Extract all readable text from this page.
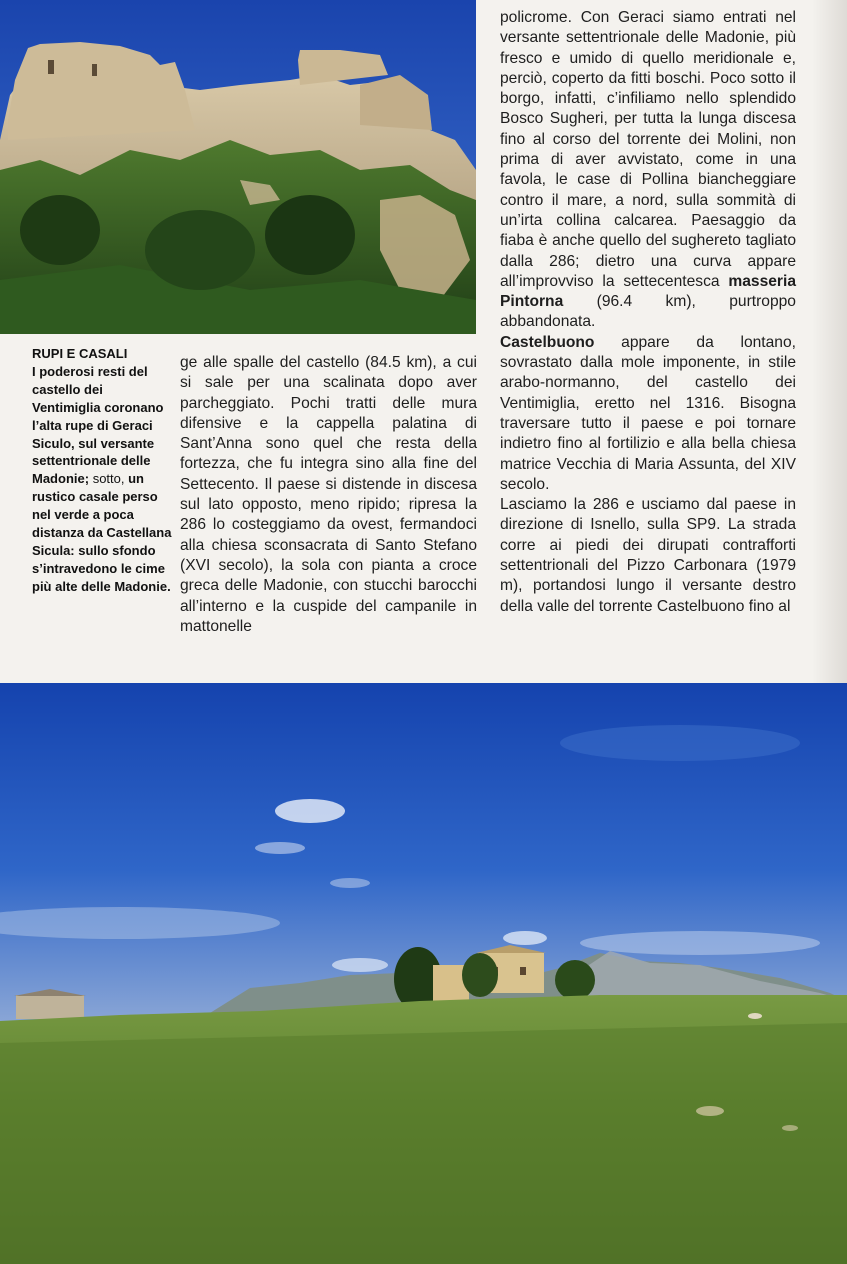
RUPI E CASALI
I poderosi resti del castello dei Ventimiglia coronano l’alta rupe di Geraci Siculo, sul versante settentrionale delle Madonie; sotto, un rustico casale perso nel verde a poca distanza da Castellana Sicula: sullo sfondo s’intravedono le cime più alte delle Madonie.

ge alle spalle del castello (84.5 km), a cui si sale per una scalinata dopo aver parcheggiato. Pochi tratti delle mura difensive e la cappella palatina di Sant’Anna sono quel che resta della fortezza, che fu integra sino alla fine del Settecento. Il paese si distende in discesa sul lato opposto, meno ripido; ripresa la 286 lo costeggiamo da ovest, fermandoci alla chiesa sconsacrata di Santo Stefano (XVI secolo), la sola con pianta a croce greca delle Madonie, con stucchi barocchi all’interno e la cuspide del campanile in mattonelle

policrome. Con Geraci siamo entrati nel versante settentrionale delle Madonie, più fresco e umido di quello meridionale e, perciò, coperto da fitti boschi. Poco sotto il borgo, infatti, c’infiliamo nello splendido Bosco Sugheri, per tutta la lunga discesa fino al corso del torrente dei Molini, non prima di aver avvistato, come in una favola, le case di Pollina biancheggiare contro il mare, a nord, sulla sommità di un’irta collina calcarea. Paesaggio da fiaba è anche quello del sughereto tagliato dalla 286; dietro una curva appare all’improvviso la settecentesca masseria Pintorna (96.4 km), purtroppo abbandonata.

Castelbuono appare da lontano, sovrastato dalla mole imponente, in stile arabo-normanno, del castello dei Ventimiglia, eretto nel 1316. Bisogna traversare tutto il paese e poi tornare indietro fino al fortilizio e alla bella chiesa matrice Vecchia di Maria Assunta, del XIV secolo.

Lasciamo la 286 e usciamo dal paese in direzione di Isnello, sulla SP9. La strada corre ai piedi dei dirupati contrafforti settentrionali del Pizzo Carbonara (1979 m), portandosi lungo il versante destro della valle del torrente Castelbuono fino al
